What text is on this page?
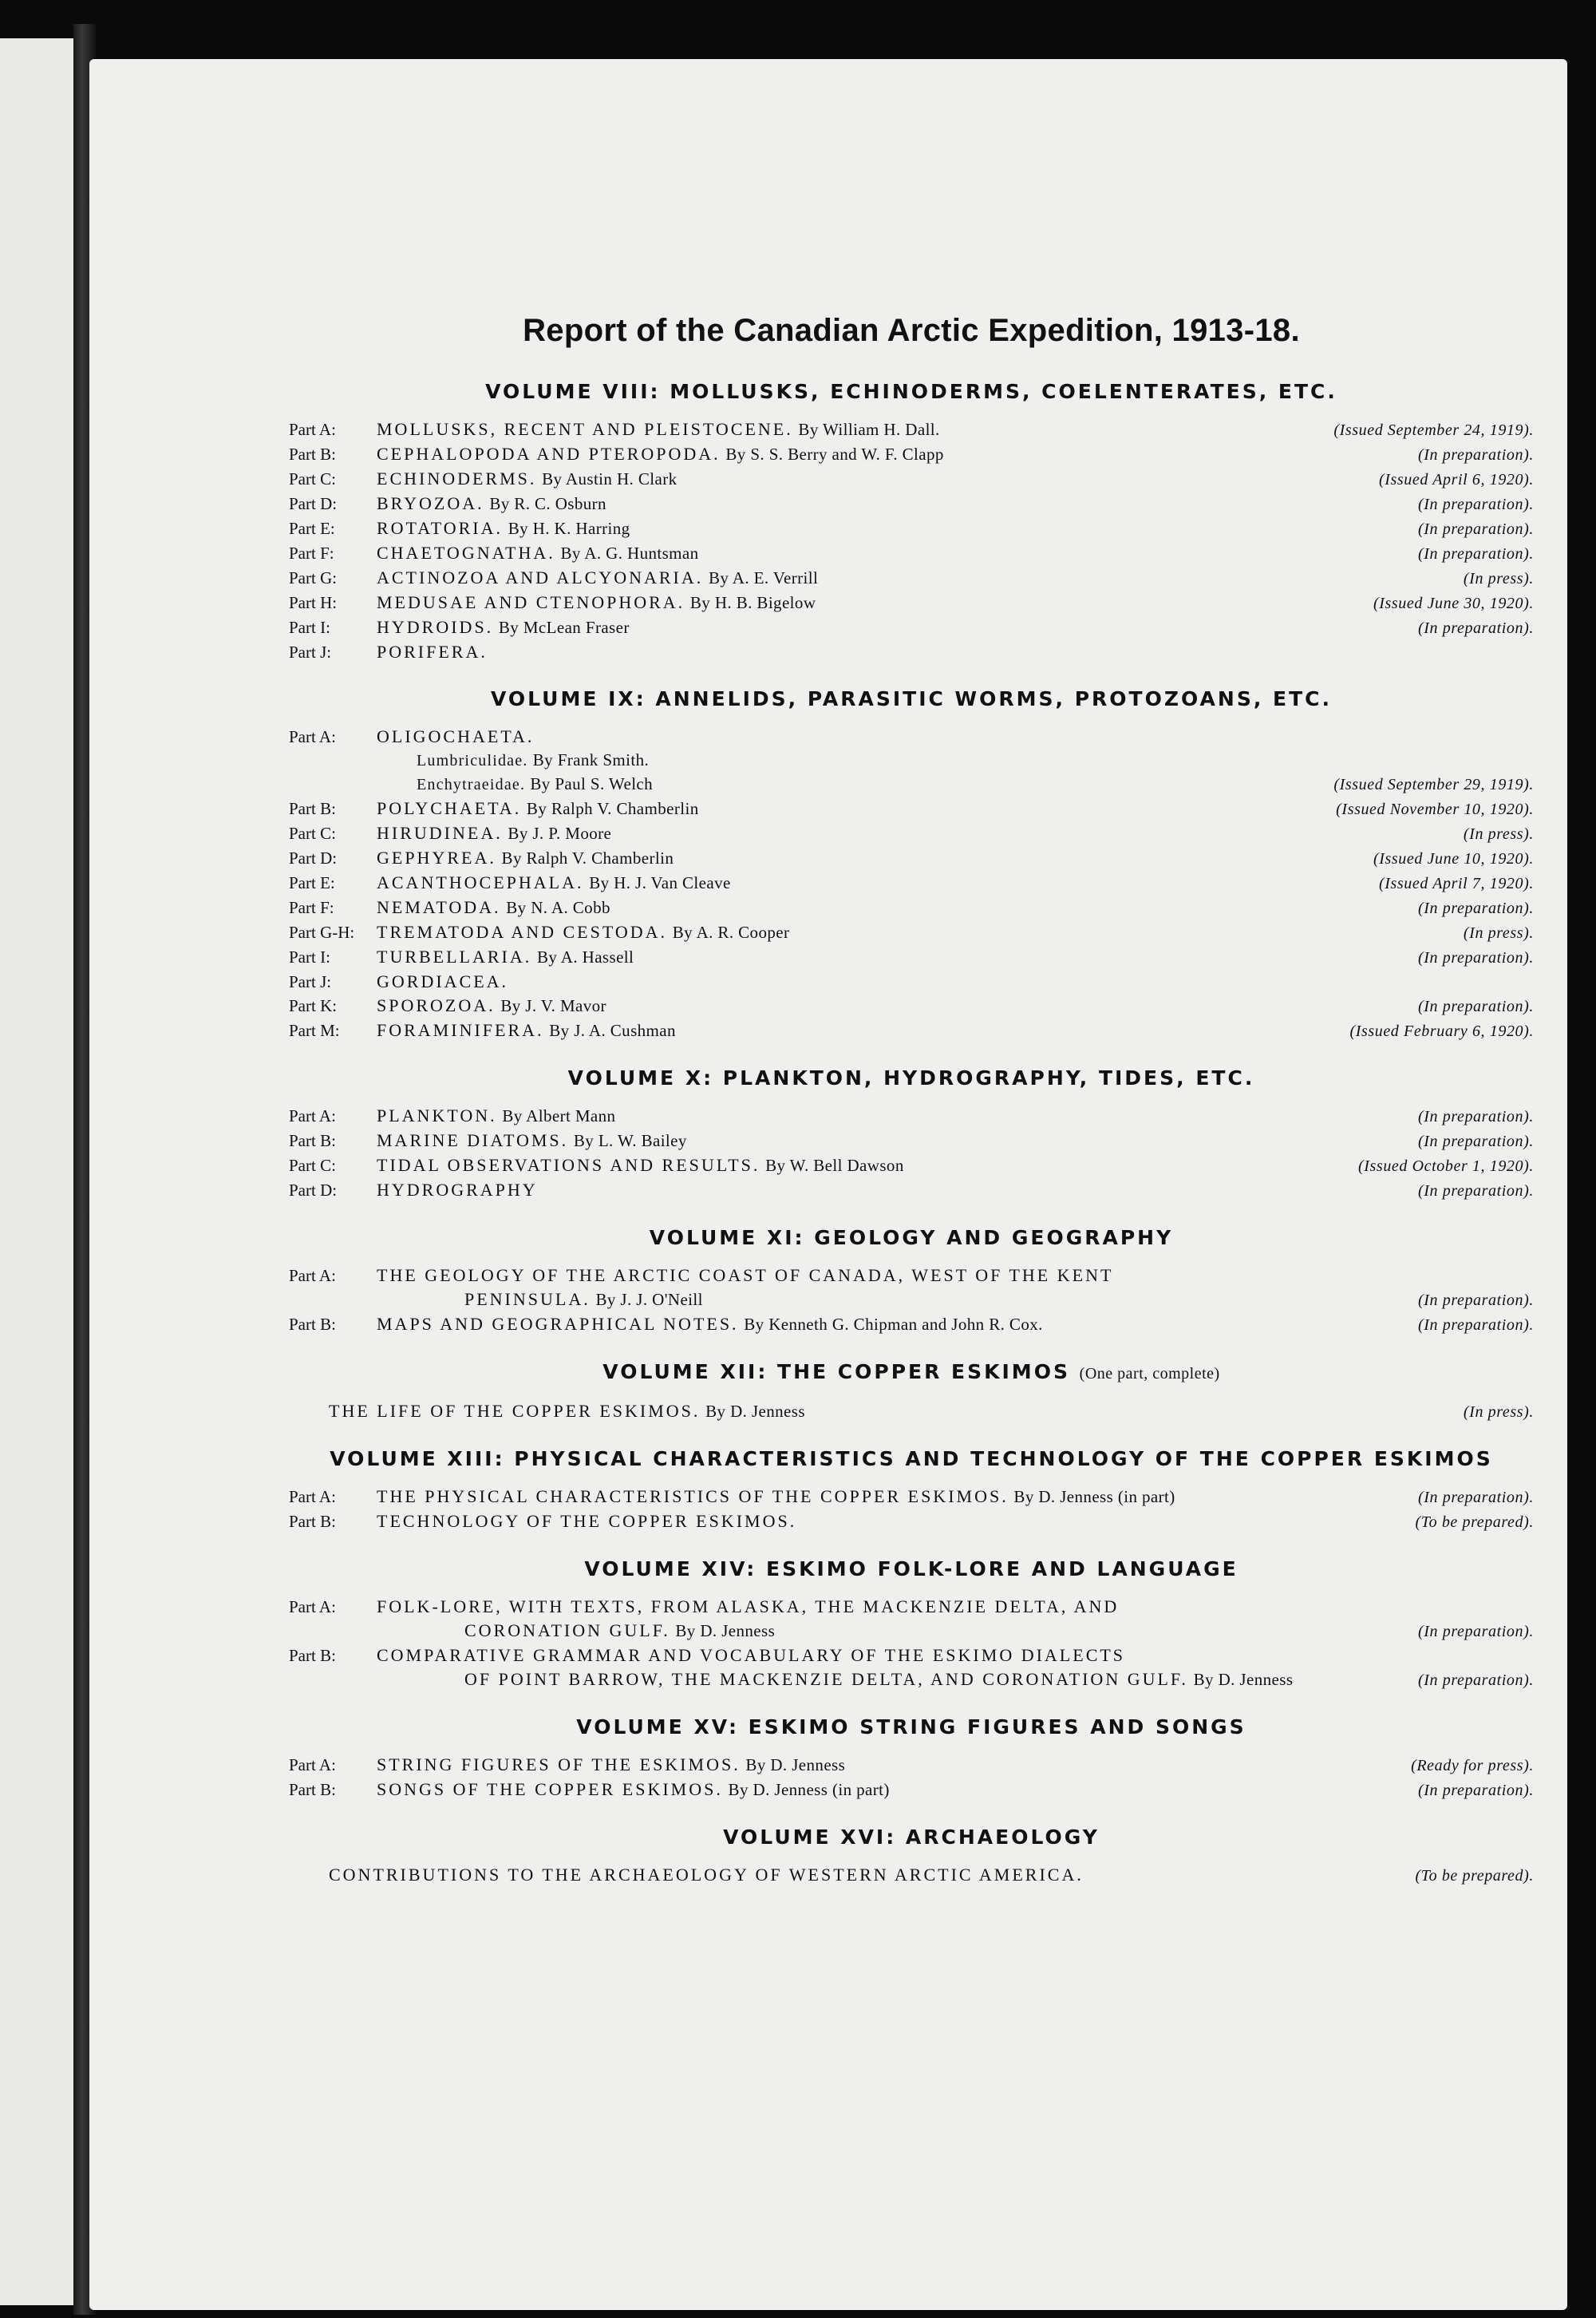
Report of the Canadian Arctic Expedition, 1913-18.
VOLUME VIII: MOLLUSKS, ECHINODERMS, COELENTERATES, ETC.
Part A:	MOLLUSKS, RECENT AND PLEISTOCENE. By William H. Dall.	(Issued September 24, 1919).
Part B:	CEPHALOPODA AND PTEROPODA. By S. S. Berry and W. F. Clapp	(In preparation).
Part C:	ECHINODERMS. By Austin H. Clark	(Issued April 6, 1920).
Part D:	BRYOZOA. By R. C. Osburn	(In preparation).
Part E:	ROTATORIA. By H. K. Harring	(In preparation).
Part F:	CHAETOGNATHA. By A. G. Huntsman	(In preparation).
Part G:	ACTINOZOA AND ALCYONARIA. By A. E. Verrill	(In press).
Part H:	MEDUSAE AND CTENOPHORA. By H. B. Bigelow	(Issued June 30, 1920).
Part I:	HYDROIDS. By McLean Fraser	(In preparation).
Part J:	PORIFERA.
VOLUME IX: ANNELIDS, PARASITIC WORMS, PROTOZOANS, ETC.
Part A:	OLIGOCHAETA.
Lumbriculidae. By Frank Smith.
Enchytraeidae. By Paul S. Welch	(Issued September 29, 1919).
Part B:	POLYCHAETA. By Ralph V. Chamberlin	(Issued November 10, 1920).
Part C:	HIRUDINEA. By J. P. Moore	(In press).
Part D:	GEPHYREA. By Ralph V. Chamberlin	(Issued June 10, 1920).
Part E:	ACANTHOCEPHALA. By H. J. Van Cleave	(Issued April 7, 1920).
Part F:	NEMATODA. By N. A. Cobb	(In preparation).
Part G-H:	TREMATODA AND CESTODA. By A. R. Cooper	(In press).
Part I:	TURBELLARIA. By A. Hassell	(In preparation).
Part J:	GORDIACEA.
Part K:	SPOROZOA. By J. V. Mavor	(In preparation).
Part M:	FORAMINIFERA. By J. A. Cushman	(Issued February 6, 1920).
VOLUME X: PLANKTON, HYDROGRAPHY, TIDES, ETC.
Part A:	PLANKTON. By Albert Mann	(In preparation).
Part B:	MARINE DIATOMS. By L. W. Bailey	(In preparation).
Part C:	TIDAL OBSERVATIONS AND RESULTS. By W. Bell Dawson	(Issued October 1, 1920).
Part D:	HYDROGRAPHY	(In preparation).
VOLUME XI: GEOLOGY AND GEOGRAPHY
Part A:	THE GEOLOGY OF THE ARCTIC COAST OF CANADA, WEST OF THE KENT
PENINSULA. By J. J. O'Neill	(In preparation).
Part B:	MAPS AND GEOGRAPHICAL NOTES. By Kenneth G. Chipman and John R. Cox.	(In preparation).
VOLUME XII: THE COPPER ESKIMOS (One part, complete)
THE LIFE OF THE COPPER ESKIMOS. By D. Jenness	(In press).
VOLUME XIII: PHYSICAL CHARACTERISTICS AND TECHNOLOGY OF THE COPPER ESKIMOS
Part A:	THE PHYSICAL CHARACTERISTICS OF THE COPPER ESKIMOS. By D. Jenness (in part)	(In preparation).
Part B:	TECHNOLOGY OF THE COPPER ESKIMOS.	(To be prepared).
VOLUME XIV: ESKIMO FOLK-LORE AND LANGUAGE
Part A:	FOLK-LORE, WITH TEXTS, FROM ALASKA, THE MACKENZIE DELTA, AND
CORONATION GULF. By D. Jenness	(In preparation).
Part B:	COMPARATIVE GRAMMAR AND VOCABULARY OF THE ESKIMO DIALECTS
OF POINT BARROW, THE MACKENZIE DELTA, AND CORONATION GULF. By D. Jenness	(In preparation).
VOLUME XV: ESKIMO STRING FIGURES AND SONGS
Part A:	STRING FIGURES OF THE ESKIMOS. By D. Jenness	(Ready for press).
Part B:	SONGS OF THE COPPER ESKIMOS. By D. Jenness (in part)	(In preparation).
VOLUME XVI: ARCHAEOLOGY
CONTRIBUTIONS TO THE ARCHAEOLOGY OF WESTERN ARCTIC AMERICA.	(To be prepared).
